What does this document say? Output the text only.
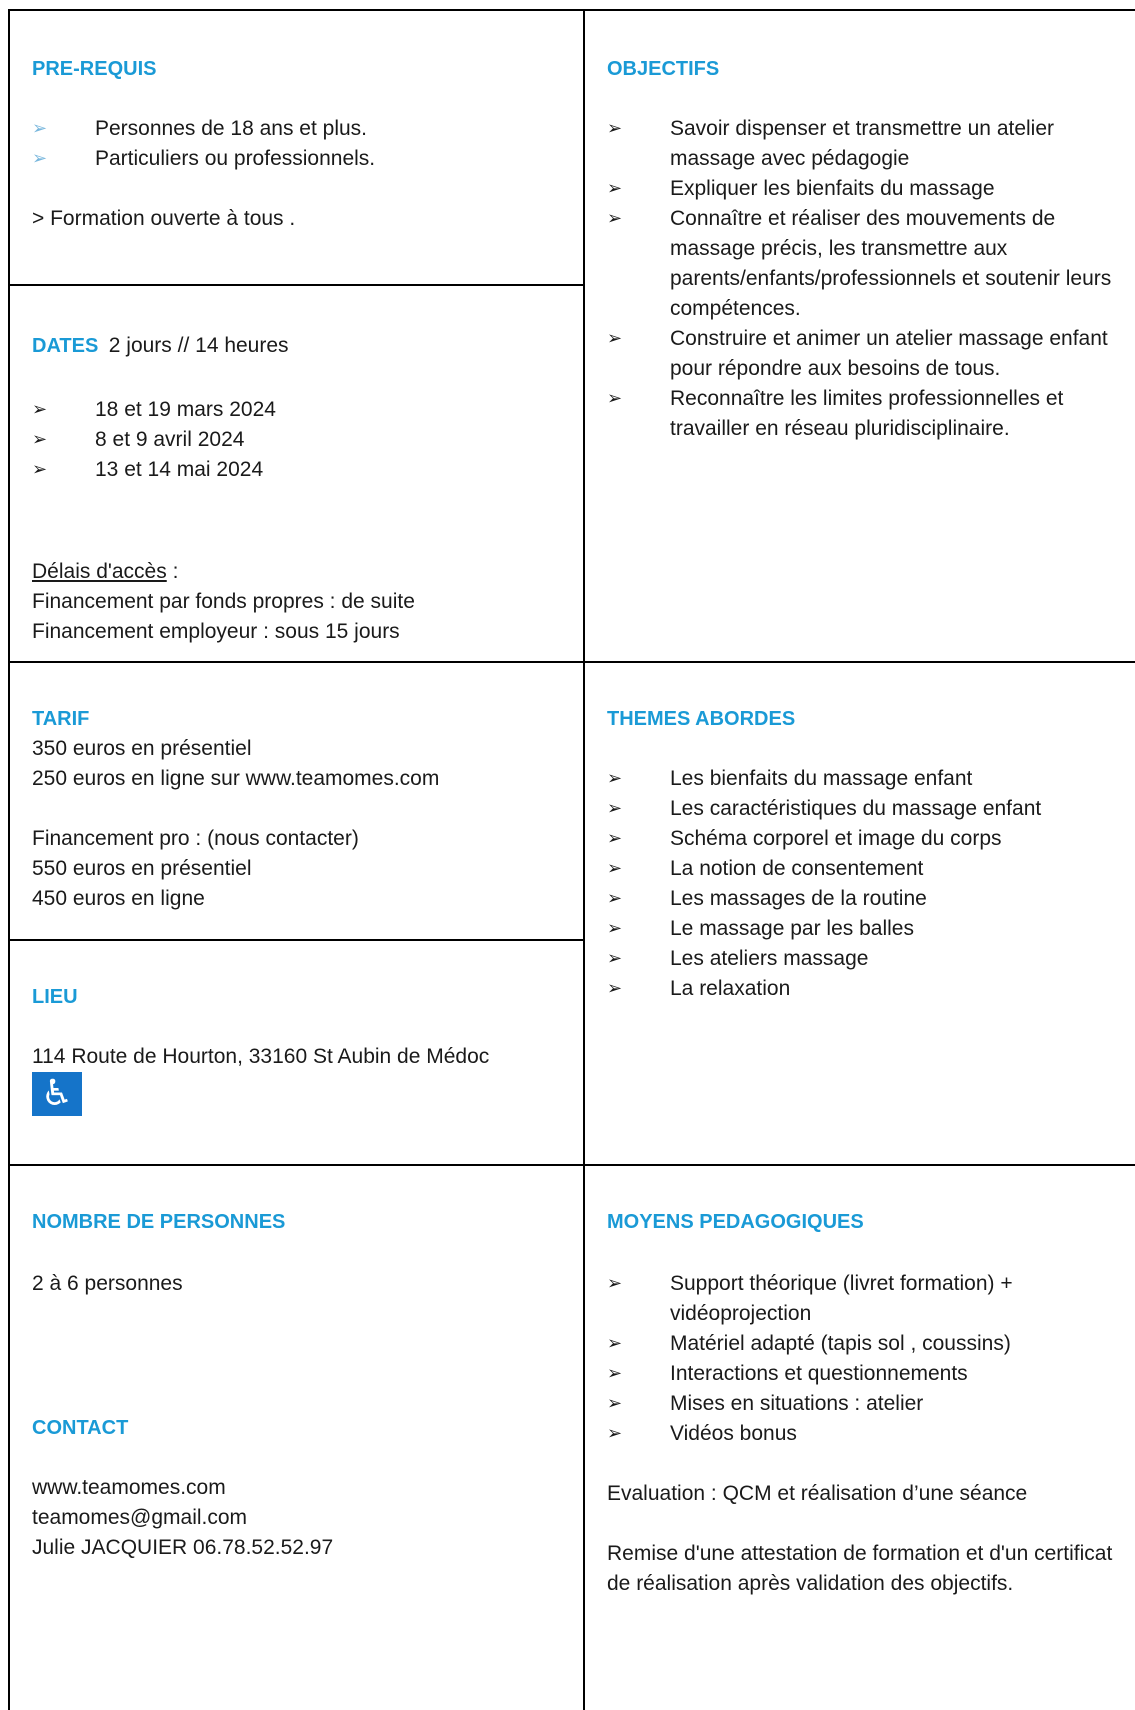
PRE-REQUIS
➢	Personnes de 18 ans et plus.
➢	Particuliers ou professionnels.

> Formation ouverte à tous .

DATES 2 jours // 14 heures
➢	18 et 19 mars 2024
➢	8 et 9 avril 2024
➢	13 et 14 mai 2024

Délais d'accès :

Financement par fonds propres : de suite

Financement employeur : sous 15 jours

OBJECTIFS
➢	Savoir dispenser et transmettre un atelier massage avec pédagogie
➢	Expliquer les bienfaits du massage
➢	Connaître et réaliser des mouvements de massage précis, les transmettre aux parents/enfants/professionnels et soutenir leurs compétences.
➢	Construire et animer un atelier massage enfant pour répondre aux besoins de tous.
➢	Reconnaître les limites professionnelles et travailler en réseau pluridisciplinaire.
TARIF

350 euros en présentiel

250 euros en ligne sur www.teamomes.com

Financement pro : (nous contacter)

550 euros en présentiel

450 euros en ligne

THEMES ABORDES
➢	Les bienfaits du massage enfant
➢	Les caractéristiques du massage enfant
➢	Schéma corporel et image du corps
➢	La notion de consentement
➢	Les massages de la routine
➢	Le massage par les balles
➢	Les ateliers massage
➢	La relaxation
LIEU

114 Route de Hourton, 33160 St Aubin de Médoc

♿
NOMBRE DE PERSONNES

2 à 6 personnes

CONTACT

www.teamomes.com

teamomes@gmail.com

Julie JACQUIER 06.78.52.52.97

MOYENS PEDAGOGIQUES
➢	Support théorique (livret formation) + vidéoprojection
➢	Matériel adapté (tapis sol , coussins)
➢	Interactions et questionnements
➢	Mises en situations : atelier
➢	Vidéos bonus

Evaluation : QCM et réalisation d’une séance

Remise d'une attestation de formation et d'un certificat de réalisation après validation des objectifs.
